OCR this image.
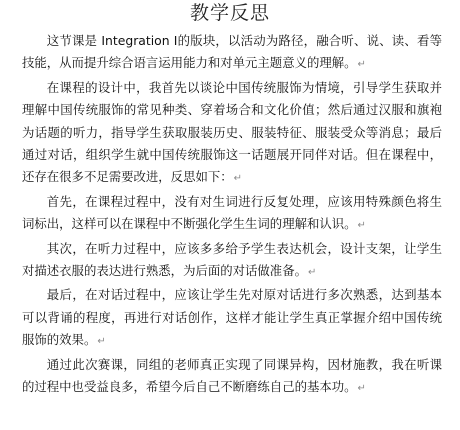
教学反思

这节课是 Integration Ⅰ的版块，以活动为路径，融合听、说、读、看等技能，从而提升综合语言运用能力和对单元主题意义的理解。↵

在课程的设计中，我首先以谈论中国传统服饰为情境，引导学生获取并理解中国传统服饰的常见种类、穿着场合和文化价值；然后通过汉服和旗袍为话题的听力，指导学生获取服装历史、服装特征、服装受众等消息；最后通过对话，组织学生就中国传统服饰这一话题展开同伴对话。但在课程中，还存在很多不足需要改进，反思如下：↵

首先，在课程过程中，没有对生词进行反复处理，应该用特殊颜色将生词标出，这样可以在课程中不断强化学生生词的理解和认识。↵

其次，在听力过程中，应该多多给予学生表达机会，设计支架，让学生对描述衣服的表达进行熟悉，为后面的对话做准备。↵

最后，在对话过程中，应该让学生先对原对话进行多次熟悉，达到基本可以背诵的程度，再进行对话创作，这样才能让学生真正掌握介绍中国传统服饰的效果。↵

通过此次赛课，同组的老师真正实现了同课异构，因材施教，我在听课的过程中也受益良多，希望今后自己不断磨练自己的基本功。↵
